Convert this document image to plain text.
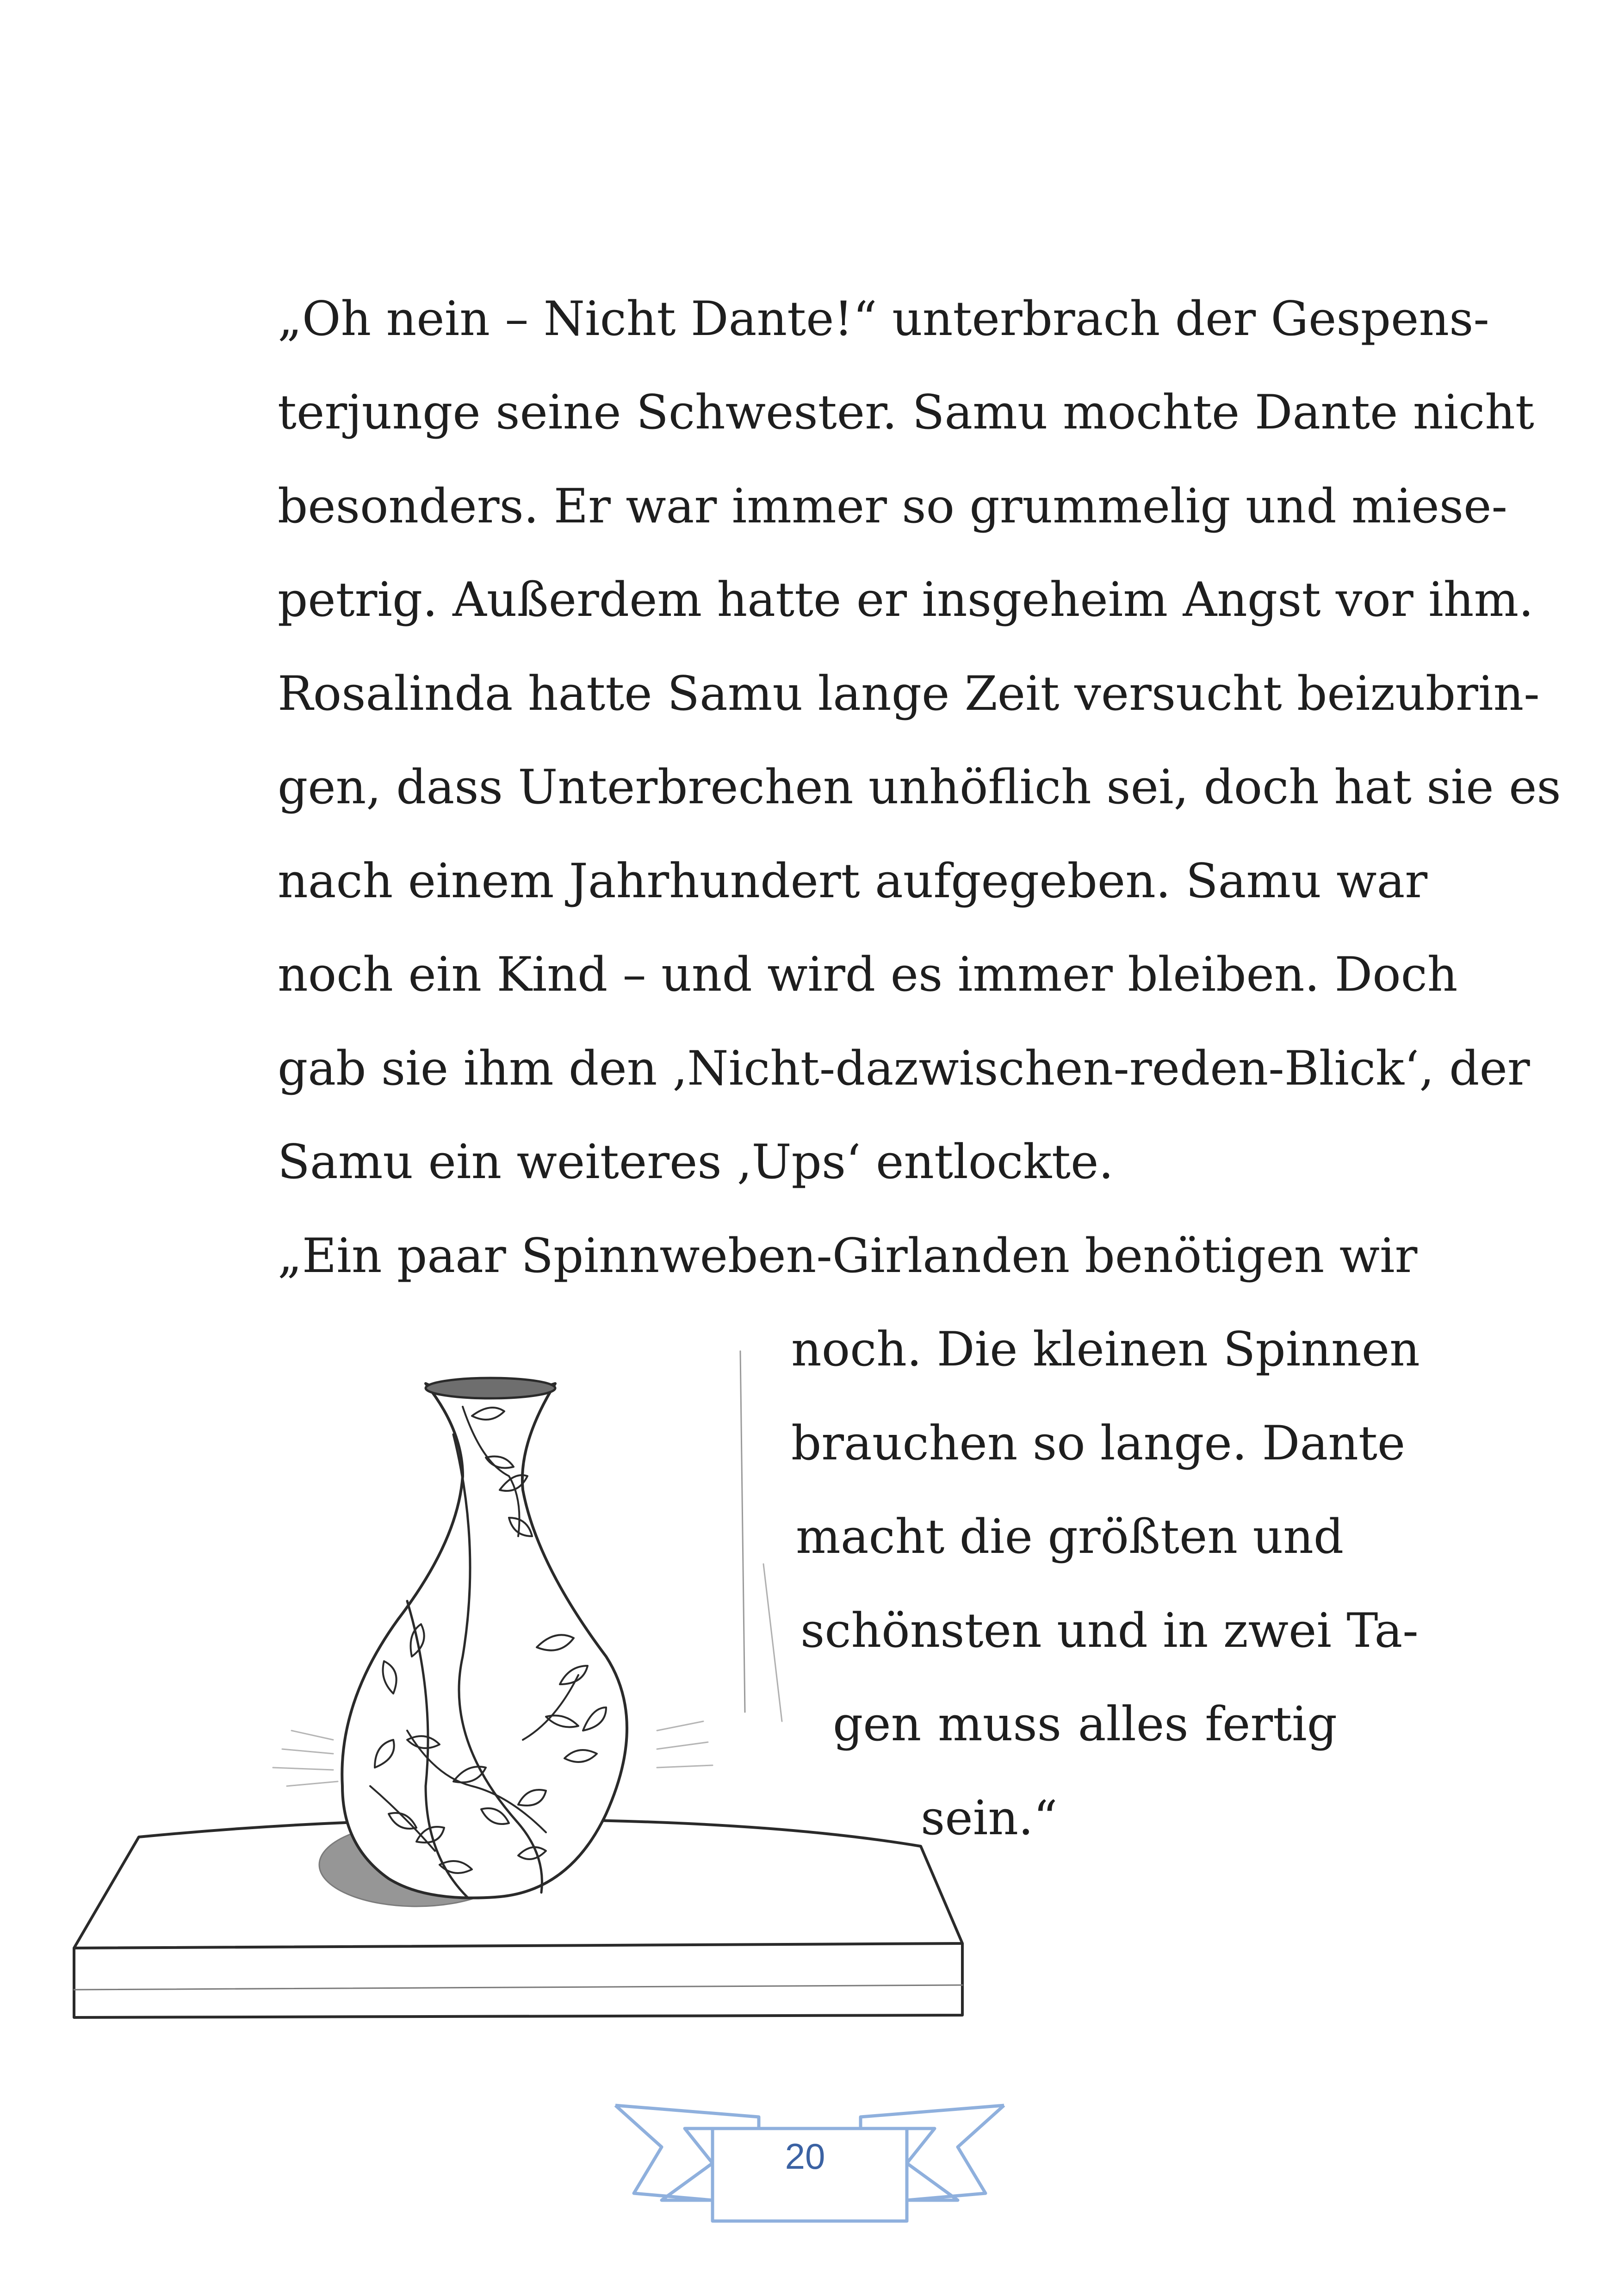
„Oh nein – Nicht Dante!“ unterbrach der Gespens-
terjunge seine Schwester. Samu mochte Dante nicht
besonders. Er war immer so grummelig und miese-
petrig. Außerdem hatte er insgeheim Angst vor ihm.
Rosalinda hatte Samu lange Zeit versucht beizubrin-
gen, dass Unterbrechen unhöflich sei, doch hat sie es
nach einem Jahrhundert aufgegeben. Samu war
noch ein Kind – und wird es immer bleiben. Doch
gab sie ihm den ‚Nicht-dazwischen-reden-Blick‘, der
Samu ein weiteres ‚Ups‘ entlockte.
„Ein paar Spinnweben-Girlanden benötigen wir
noch. Die kleinen Spinnen
brauchen so lange. Dante
macht die größten und
schönsten und in zwei Ta-
gen muss alles fertig
sein.“
20
